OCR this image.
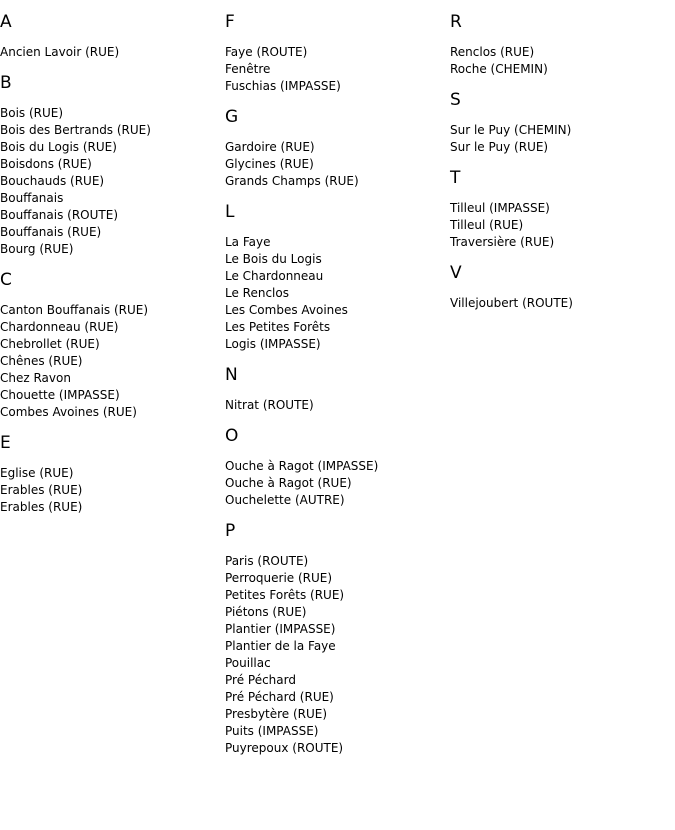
A
Ancien Lavoir (RUE)
B
Bois (RUE)
Bois des Bertrands (RUE)
Bois du Logis (RUE)
Boisdons (RUE)
Bouchauds (RUE)
Bouffanais
Bouffanais (ROUTE)
Bouffanais (RUE)
Bourg (RUE)
C
Canton Bouffanais (RUE)
Chardonneau (RUE)
Chebrollet (RUE)
Chênes (RUE)
Chez Ravon
Chouette (IMPASSE)
Combes Avoines (RUE)
E
Eglise (RUE)
Erables (RUE)
Erables (RUE)
F
Faye (ROUTE)
Fenêtre
Fuschias (IMPASSE)
G
Gardoire (RUE)
Glycines (RUE)
Grands Champs (RUE)
L
La Faye
Le Bois du Logis
Le Chardonneau
Le Renclos
Les Combes Avoines
Les Petites Forêts
Logis (IMPASSE)
N
Nitrat (ROUTE)
O
Ouche à Ragot (IMPASSE)
Ouche à Ragot (RUE)
Ouchelette (AUTRE)
P
Paris (ROUTE)
Perroquerie (RUE)
Petites Forêts (RUE)
Piétons (RUE)
Plantier (IMPASSE)
Plantier de la Faye
Pouillac
Pré Péchard
Pré Péchard (RUE)
Presbytère (RUE)
Puits (IMPASSE)
Puyrepoux (ROUTE)
R
Renclos (RUE)
Roche (CHEMIN)
S
Sur le Puy (CHEMIN)
Sur le Puy (RUE)
T
Tilleul (IMPASSE)
Tilleul (RUE)
Traversière (RUE)
V
Villejoubert (ROUTE)
